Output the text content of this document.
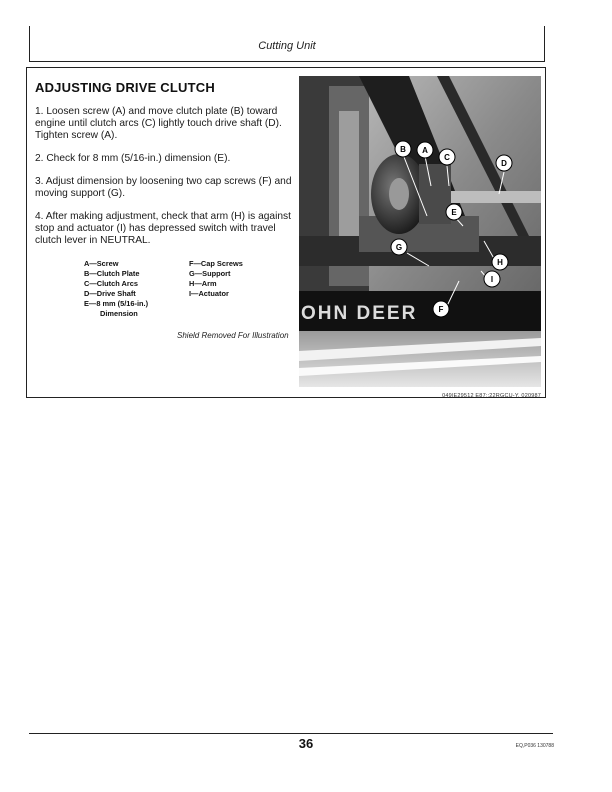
Cutting Unit
ADJUSTING DRIVE CLUTCH

1. Loosen screw (A) and move clutch plate (B) toward engine until clutch arcs (C) lightly touch drive shaft (D). Tighten screw (A).

2. Check for 8 mm (5/16-in.) dimension (E).

3. Adjust dimension by loosening two cap screws (F) and moving support (G).

4. After making adjustment, check that arm (H) is against stop and actuator (I) has depressed switch with travel clutch lever in NEUTRAL.

A—Screw
B—Clutch Plate
C—Clutch Arcs
D—Drive Shaft
E—8 mm (5/16-in.)
Dimension
F—Cap Screws
G—Support
H—Arm
I—Actuator
Shield Removed For Illustration
OHN DEER
B A
C
D
E
G
H
I
F
049|E29512 E87;;22RGCU-Y, 020987
36	EQ,P036 130788
